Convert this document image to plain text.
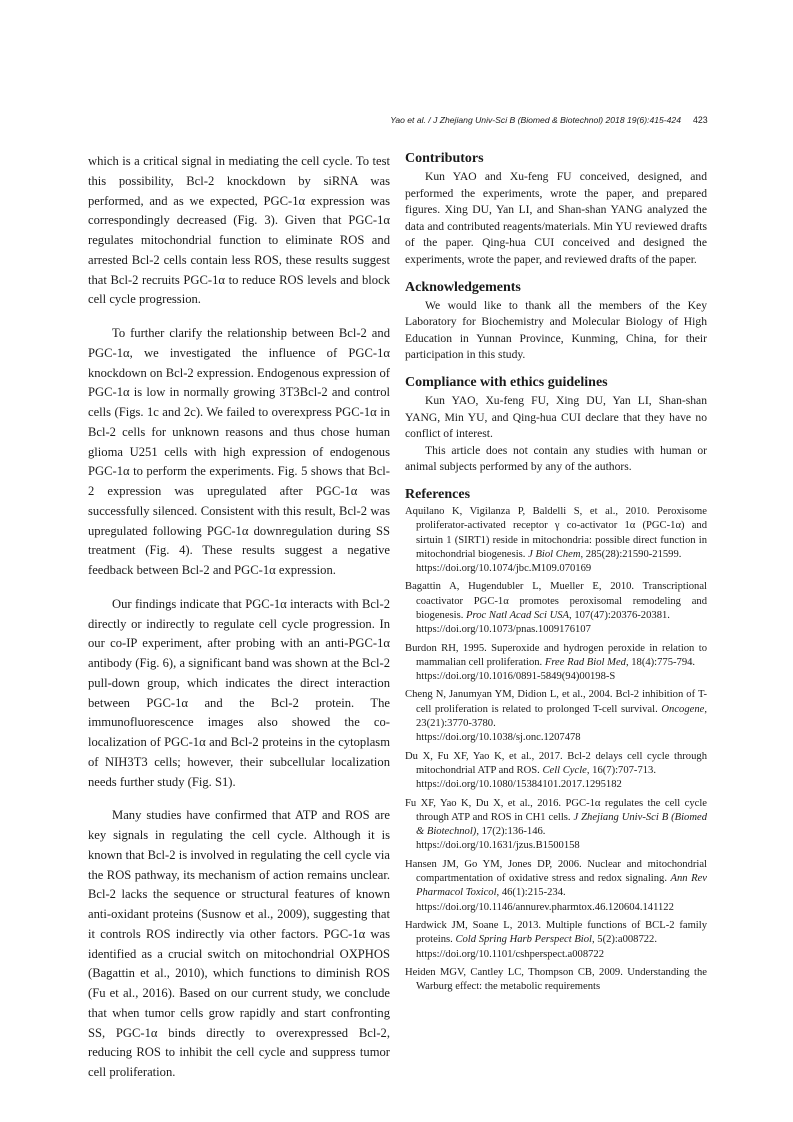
Yao et al. / J Zhejiang Univ-Sci B (Biomed & Biotechnol) 2018 19(6):415-424 423

which is a critical signal in mediating the cell cycle. To test this possibility, Bcl-2 knockdown by siRNA was performed, and as we expected, PGC-1α expression was correspondingly decreased (Fig. 3). Given that PGC-1α regulates mitochondrial function to eliminate ROS and arrested Bcl-2 cells contain less ROS, these results suggest that Bcl-2 recruits PGC-1α to reduce ROS levels and block cell cycle progression.

To further clarify the relationship between Bcl-2 and PGC-1α, we investigated the influence of PGC-1α knockdown on Bcl-2 expression. Endogenous expression of PGC-1α is low in normally growing 3T3Bcl-2 and control cells (Figs. 1c and 2c). We failed to overexpress PGC-1α in Bcl-2 cells for unknown reasons and thus chose human glioma U251 cells with high expression of endogenous PGC-1α to perform the experiments. Fig. 5 shows that Bcl-2 expression was upregulated after PGC-1α was successfully silenced. Consistent with this result, Bcl-2 was upregulated following PGC-1α downregulation during SS treatment (Fig. 4). These results suggest a negative feedback between Bcl-2 and PGC-1α expression.

Our findings indicate that PGC-1α interacts with Bcl-2 directly or indirectly to regulate cell cycle progression. In our co-IP experiment, after probing with an anti-PGC-1α antibody (Fig. 6), a significant band was shown at the Bcl-2 pull-down group, which indicates the direct interaction between PGC-1α and the Bcl-2 protein. The immunofluorescence images also showed the co-localization of PGC-1α and Bcl-2 proteins in the cytoplasm of NIH3T3 cells; however, their subcellular localization needs further study (Fig. S1).

Many studies have confirmed that ATP and ROS are key signals in regulating the cell cycle. Although it is known that Bcl-2 is involved in regulating the cell cycle via the ROS pathway, its mechanism of action remains unclear. Bcl-2 lacks the sequence or structural features of known anti-oxidant proteins (Susnow et al., 2009), suggesting that it controls ROS indirectly via other factors. PGC-1α was identified as a crucial switch on mitochondrial OXPHOS (Bagattin et al., 2010), which functions to diminish ROS (Fu et al., 2016). Based on our current study, we conclude that when tumor cells grow rapidly and start confronting SS, PGC-1α binds directly to overexpressed Bcl-2, reducing ROS to inhibit the cell cycle and suppress tumor cell proliferation.

Contributors

Kun YAO and Xu-feng FU conceived, designed, and performed the experiments, wrote the paper, and prepared figures. Xing DU, Yan LI, and Shan-shan YANG analyzed the data and contributed reagents/materials. Min YU reviewed drafts of the paper. Qing-hua CUI conceived and designed the experiments, wrote the paper, and reviewed drafts of the paper.

Acknowledgements

We would like to thank all the members of the Key Laboratory for Biochemistry and Molecular Biology of High Education in Yunnan Province, Kunming, China, for their participation in this study.

Compliance with ethics guidelines

Kun YAO, Xu-feng FU, Xing DU, Yan LI, Shan-shan YANG, Min YU, and Qing-hua CUI declare that they have no conflict of interest.

This article does not contain any studies with human or animal subjects performed by any of the authors.

References
Aquilano K, Vigilanza P, Baldelli S, et al., 2010. Peroxisome proliferator-activated receptor γ co-activator 1α (PGC-1α) and sirtuin 1 (SIRT1) reside in mitochondria: possible direct function in mitochondrial biogenesis. J Biol Chem, 285(28):21590-21599.
https://doi.org/10.1074/jbc.M109.070169
Bagattin A, Hugendubler L, Mueller E, 2010. Transcriptional coactivator PGC-1α promotes peroxisomal remodeling and biogenesis. Proc Natl Acad Sci USA, 107(47):20376-20381.
https://doi.org/10.1073/pnas.1009176107
Burdon RH, 1995. Superoxide and hydrogen peroxide in relation to mammalian cell proliferation. Free Rad Biol Med, 18(4):775-794.
https://doi.org/10.1016/0891-5849(94)00198-S
Cheng N, Janumyan YM, Didion L, et al., 2004. Bcl-2 inhibition of T-cell proliferation is related to prolonged T-cell survival. Oncogene, 23(21):3770-3780.
https://doi.org/10.1038/sj.onc.1207478
Du X, Fu XF, Yao K, et al., 2017. Bcl-2 delays cell cycle through mitochondrial ATP and ROS. Cell Cycle, 16(7):707-713.
https://doi.org/10.1080/15384101.2017.1295182
Fu XF, Yao K, Du X, et al., 2016. PGC-1α regulates the cell cycle through ATP and ROS in CH1 cells. J Zhejiang Univ-Sci B (Biomed & Biotechnol), 17(2):136-146.
https://doi.org/10.1631/jzus.B1500158
Hansen JM, Go YM, Jones DP, 2006. Nuclear and mitochondrial compartmentation of oxidative stress and redox signaling. Ann Rev Pharmacol Toxicol, 46(1):215-234.
https://doi.org/10.1146/annurev.pharmtox.46.120604.141122
Hardwick JM, Soane L, 2013. Multiple functions of BCL-2 family proteins. Cold Spring Harb Perspect Biol, 5(2):a008722.
https://doi.org/10.1101/cshperspect.a008722
Heiden MGV, Cantley LC, Thompson CB, 2009. Understanding the Warburg effect: the metabolic requirements
